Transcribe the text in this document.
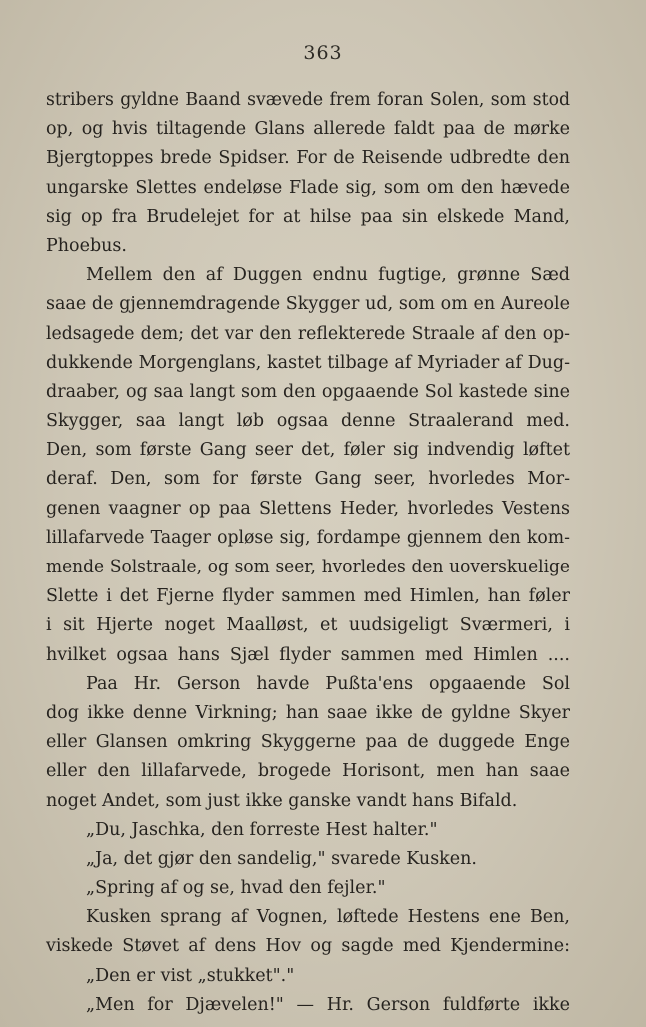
363
stribers gyldne Baand svævede frem foran Solen, som stod
op, og hvis tiltagende Glans allerede faldt paa de mørke
Bjergtoppes brede Spidser. For de Reisende udbredte den
ungarske Slettes endeløse Flade sig, som om den hævede
sig op fra Brudelejet for at hilse paa sin elskede Mand,
Phoebus.
Mellem den af Duggen endnu fugtige, grønne Sæd
saae de gjennemdragende Skygger ud, som om en Aureole
ledsagede dem; det var den reflekterede Straale af den op-
dukkende Morgenglans, kastet tilbage af Myriader af Dug-
draaber, og saa langt som den opgaaende Sol kastede sine
Skygger, saa langt løb ogsaa denne Straalerand med.
Den, som første Gang seer det, føler sig indvendig løftet
deraf. Den, som for første Gang seer, hvorledes Mor-
genen vaagner op paa Slettens Heder, hvorledes Vestens
lillafarvede Taager opløse sig, fordampe gjennem den kom-
mende Solstraale, og som seer, hvorledes den uoverskuelige
Slette i det Fjerne flyder sammen med Himlen, han føler
i sit Hjerte noget Maalløst, et uudsigeligt Sværmeri, i
hvilket ogsaa hans Sjæl flyder sammen med Himlen ....
Paa Hr. Gerson havde Pußta'ens opgaaende Sol
dog ikke denne Virkning; han saae ikke de gyldne Skyer
eller Glansen omkring Skyggerne paa de duggede Enge
eller den lillafarvede, brogede Horisont, men han saae
noget Andet, som just ikke ganske vandt hans Bifald.
„Du, Jaschka, den forreste Hest halter."
„Ja, det gjør den sandelig," svarede Kusken.
„Spring af og se, hvad den fejler."
Kusken sprang af Vognen, løftede Hestens ene Ben,
viskede Støvet af dens Hov og sagde med Kjendermine:
„Den er vist „stukket"."
„Men for Djævelen!" — Hr. Gerson fuldførte ikke
